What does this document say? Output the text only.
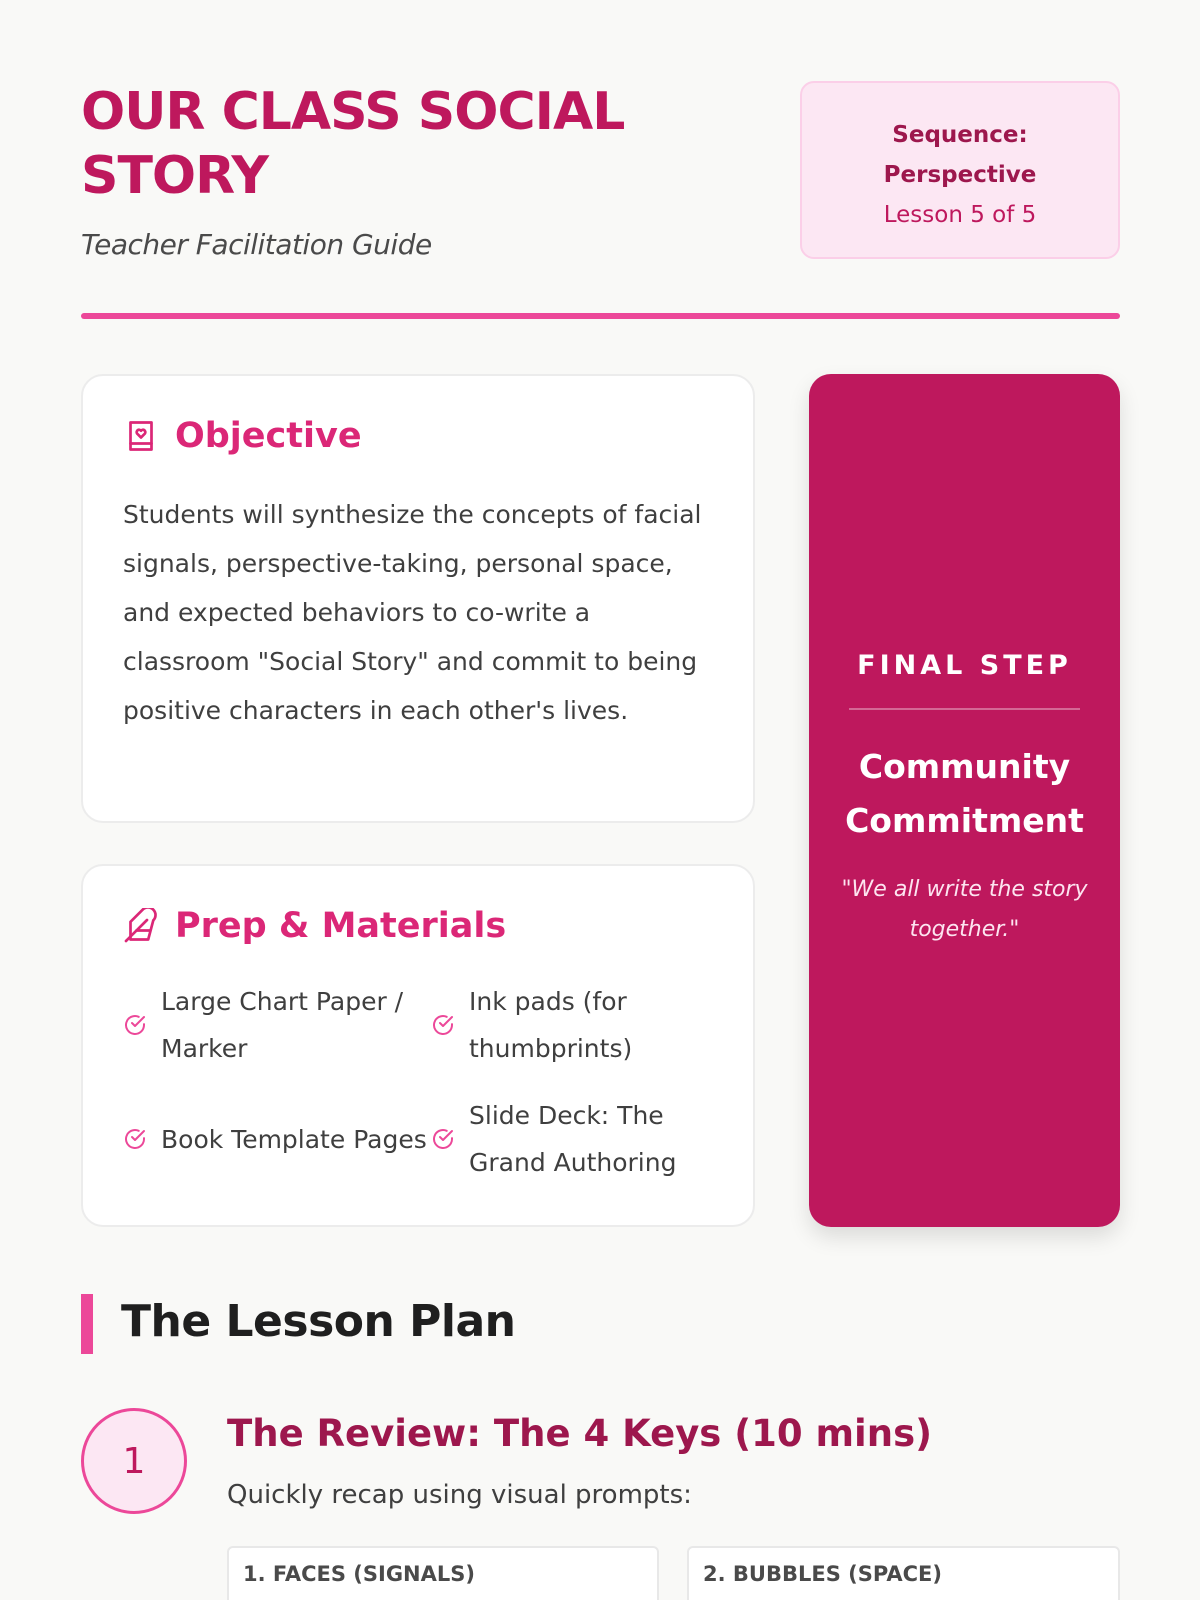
OUR CLASS SOCIAL STORY
Teacher Facilitation Guide
Sequence:
Perspective
Lesson 5 of 5
Objective

Students will synthesize the concepts of facial signals, perspective-taking, personal space, and expected behaviors to co-write a classroom "Social Story" and commit to being positive characters in each other's lives.

Prep & Materials
Large Chart Paper / Marker
Ink pads (for thumbprints)
Book Template Pages
Slide Deck: The Grand Authoring
FINAL STEP
Community Commitment
"We all write the story together."
The Lesson Plan
1
The Review: The 4 Keys (10 mins)

Quickly recap using visual prompts:

1. FACES (SIGNALS)	2. BUBBLES (SPACE)
